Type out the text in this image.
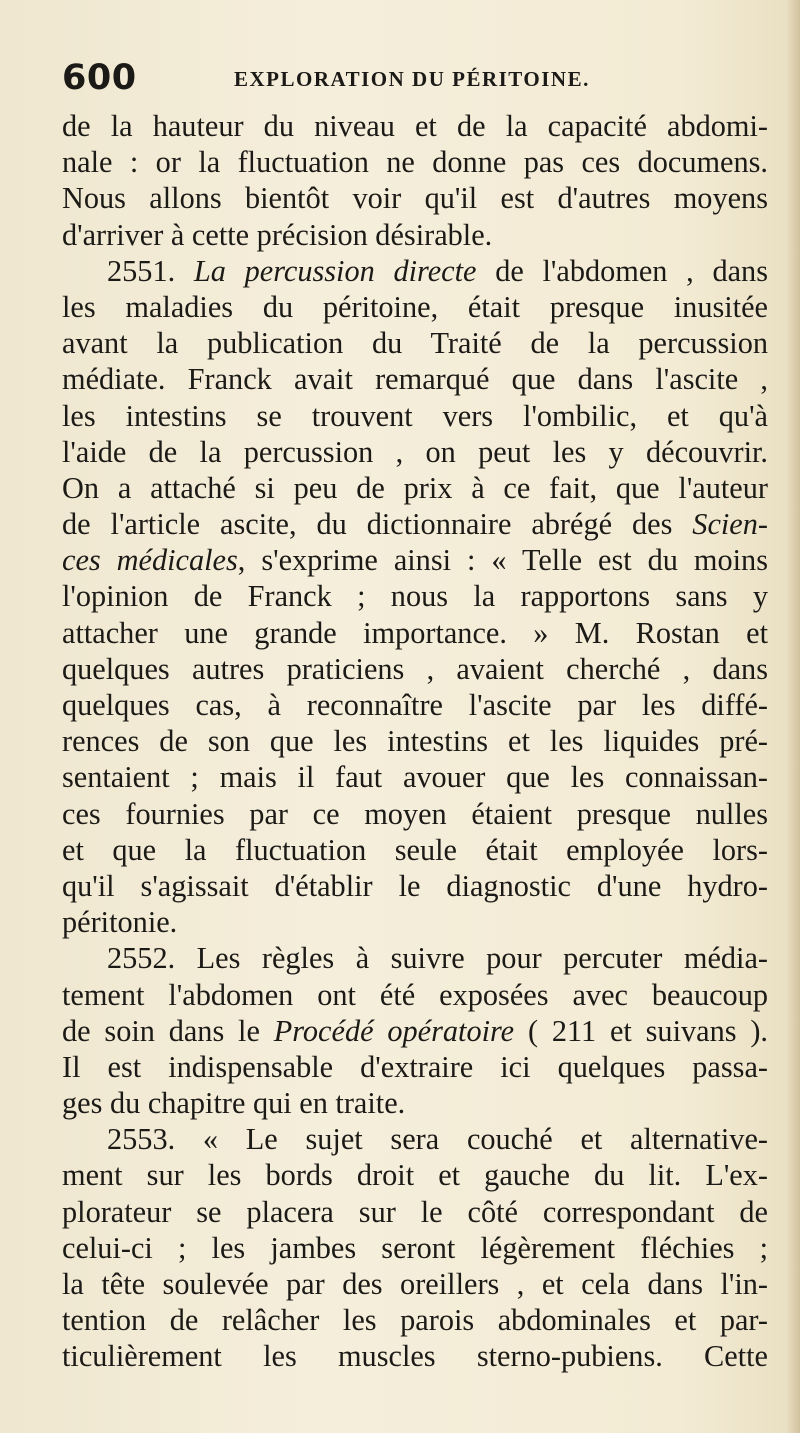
600	EXPLORATION DU PÉRITOINE.
de la hauteur du niveau et de la capacité abdomi-
nale : or la fluctuation ne donne pas ces documens.
Nous allons bientôt voir qu'il est d'autres moyens
d'arriver à cette précision désirable.
2551. La percussion directe de l'abdomen , dans
les maladies du péritoine, était presque inusitée
avant la publication du Traité de la percussion
médiate. Franck avait remarqué que dans l'ascite ,
les intestins se trouvent vers l'ombilic, et qu'à
l'aide de la percussion , on peut les y découvrir.
On a attaché si peu de prix à ce fait, que l'auteur
de l'article ascite, du dictionnaire abrégé des Scien-
ces médicales, s'exprime ainsi : « Telle est du moins
l'opinion de Franck ; nous la rapportons sans y
attacher une grande importance. » M. Rostan et
quelques autres praticiens , avaient cherché , dans
quelques cas, à reconnaître l'ascite par les diffé-
rences de son que les intestins et les liquides pré-
sentaient ; mais il faut avouer que les connaissan-
ces fournies par ce moyen étaient presque nulles
et que la fluctuation seule était employée lors-
qu'il s'agissait d'établir le diagnostic d'une hydro-
péritonie.
2552. Les règles à suivre pour percuter média-
tement l'abdomen ont été exposées avec beaucoup
de soin dans le Procédé opératoire ( 211 et suivans ).
Il est indispensable d'extraire ici quelques passa-
ges du chapitre qui en traite.
2553. « Le sujet sera couché et alternative-
ment sur les bords droit et gauche du lit. L'ex-
plorateur se placera sur le côté correspondant de
celui-ci ; les jambes seront légèrement fléchies ;
la tête soulevée par des oreillers , et cela dans l'in-
tention de relâcher les parois abdominales et par-
ticulièrement les muscles sterno-pubiens. Cette
